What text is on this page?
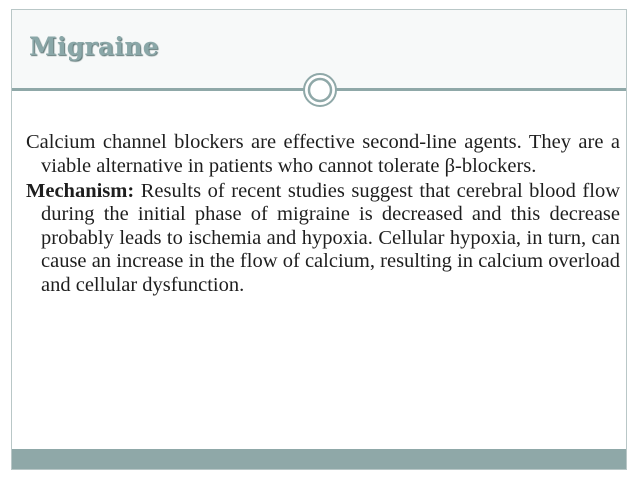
Migraine

Calcium channel blockers are effective second-line agents. They are a viable alternative in patients who cannot tolerate β-blockers.

Mechanism: Results of recent studies suggest that cerebral blood flow during the initial phase of migraine is decreased and this decrease probably leads to ischemia and hypoxia. Cellular hypoxia, in turn, can cause an increase in the flow of calcium, resulting in calcium overload and cellular dysfunction.
